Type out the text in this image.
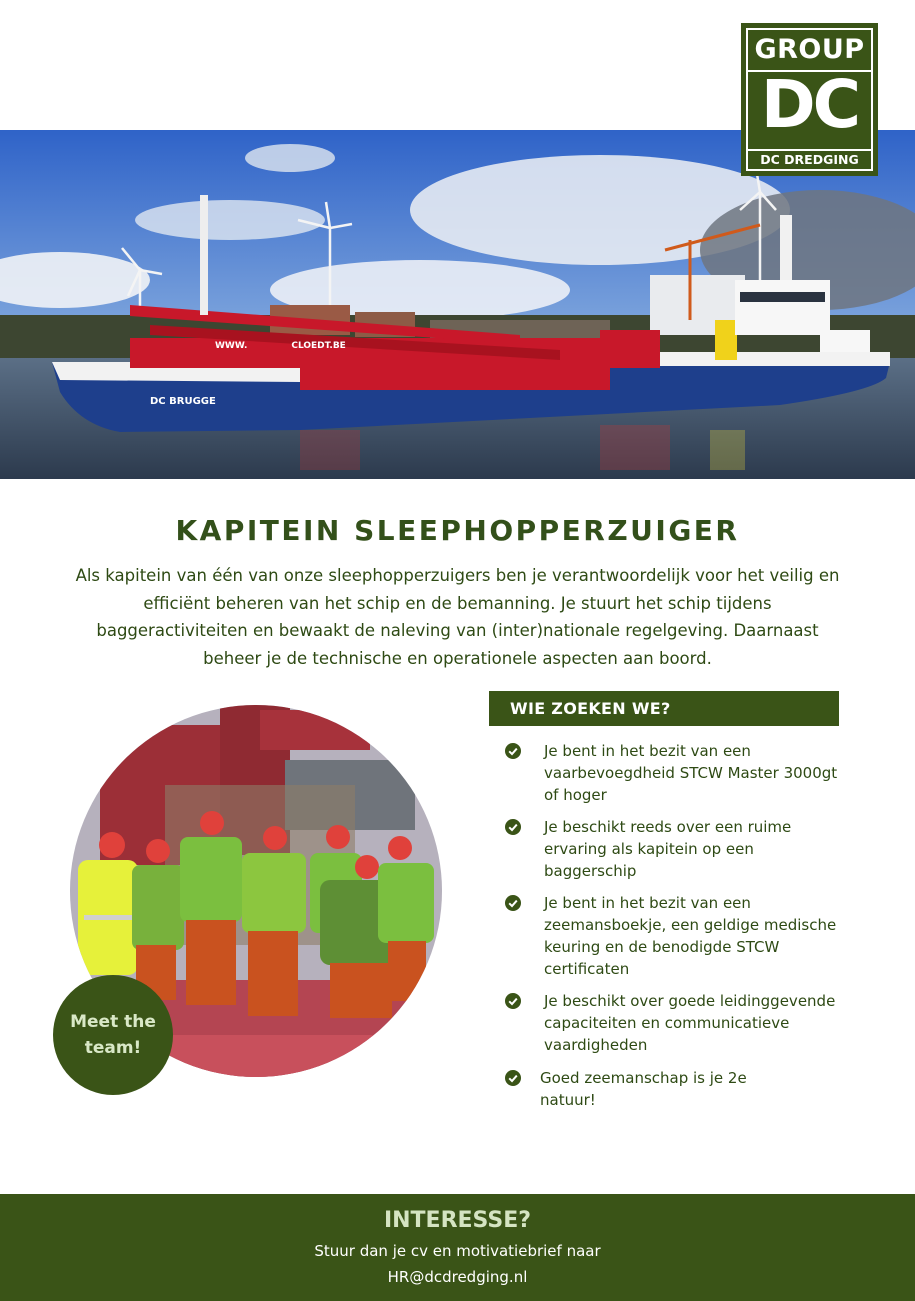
DC BRUGGE
WWW.              CLOEDT.BE
GROUP
DC
DC DREDGING
KAPITEIN SLEEPHOPPERZUIGER

Als kapitein van één van onze sleephopperzuigers ben je verantwoordelijk voor het veilig en efficiënt beheren van het schip en de bemanning. Je stuurt het schip tijdens baggeractiviteiten en bewaakt de naleving van (inter)nationale regelgeving. Daarnaast beheer je de technische en operationele aspecten aan boord.

Meet the team!
WIE ZOEKEN WE?
Je bent in het bezit van een vaarbevoegdheid STCW Master 3000gt of hoger
Je beschikt reeds over een ruime ervaring als kapitein op een baggerschip
Je bent in het bezit van een zeemansboekje, een geldige medische keuring en de benodigde STCW certificaten
Je beschikt over goede leidinggevende capaciteiten en communicatieve vaardigheden
Goed zeemanschap is je 2e natuur!
INTERESSE?
Stuur dan je cv en motivatiebrief naar
HR@dcdredging.nl
